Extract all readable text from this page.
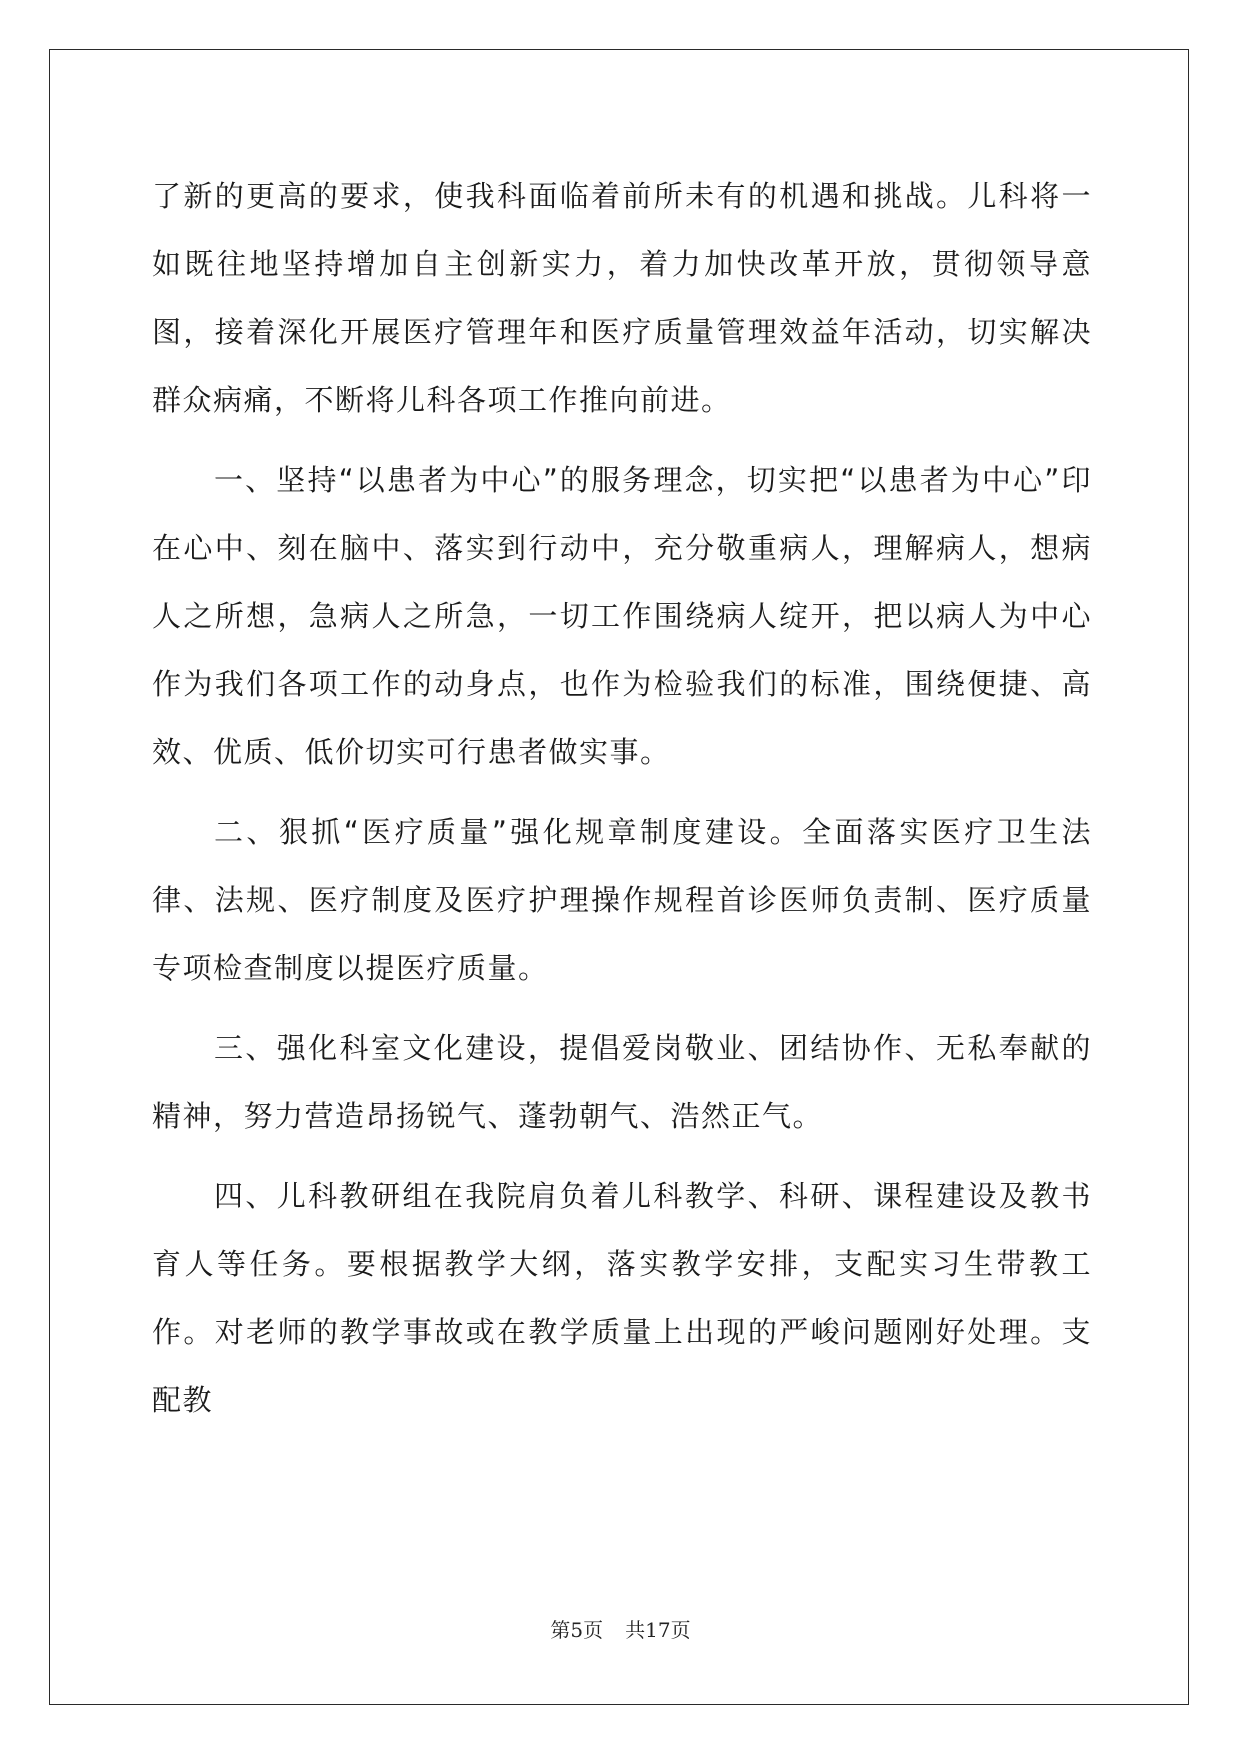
了新的更高的要求，使我科面临着前所未有的机遇和挑战。儿科将一如既往地坚持增加自主创新实力，着力加快改革开放，贯彻领导意图，接着深化开展医疗管理年和医疗质量管理效益年活动，切实解决群众病痛，不断将儿科各项工作推向前进。

一、坚持“以患者为中心”的服务理念，切实把“以患者为中心”印在心中、刻在脑中、落实到行动中，充分敬重病人，理解病人，想病人之所想，急病人之所急，一切工作围绕病人绽开，把以病人为中心作为我们各项工作的动身点，也作为检验我们的标准，围绕便捷、高效、优质、低价切实可行患者做实事。

二、狠抓“医疗质量”强化规章制度建设。全面落实医疗卫生法律、法规、医疗制度及医疗护理操作规程首诊医师负责制、医疗质量专项检查制度以提医疗质量。

三、强化科室文化建设，提倡爱岗敬业、团结协作、无私奉献的精神，努力营造昂扬锐气、蓬勃朝气、浩然正气。

四、儿科教研组在我院肩负着儿科教学、科研、课程建设及教书育人等任务。要根据教学大纲，落实教学安排，支配实习生带教工作。对老师的教学事故或在教学质量上出现的严峻问题刚好处理。支配教

第5页 共17页
